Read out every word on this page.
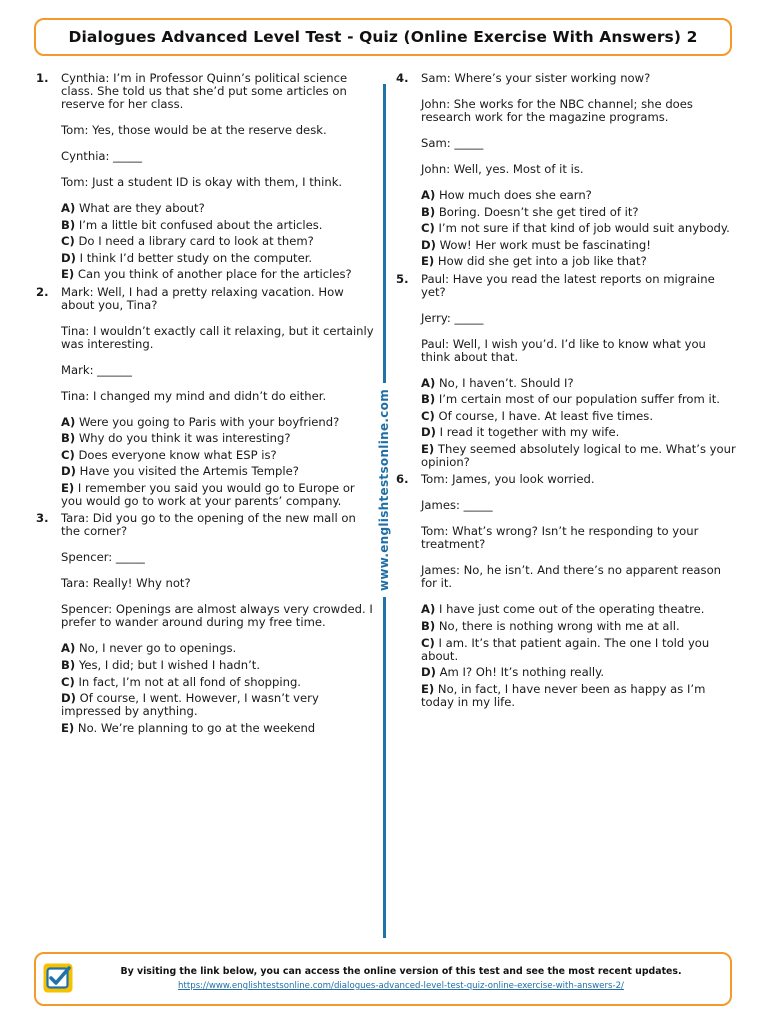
Dialogues Advanced Level Test - Quiz (Online Exercise With Answers) 2
1.	Cynthia: I’m in Professor Quinn’s political science class. She told us that she’d put some articles on reserve for her class.

Tom: Yes, those would be at the reserve desk.

Cynthia: _____

Tom: Just a student ID is okay with them, I think.

A) What are they about?
B) I’m a little bit confused about the articles.
C) Do I need a library card to look at them?
D) I think I’d better study on the computer.
E) Can you think of another place for the articles?
2.	Mark: Well, I had a pretty relaxing vacation. How about you, Tina?

Tina: I wouldn’t exactly call it relaxing, but it certainly was interesting.

Mark: ______

Tina: I changed my mind and didn’t do either.

A) Were you going to Paris with your boyfriend?
B) Why do you think it was interesting?
C) Does everyone know what ESP is?
D) Have you visited the Artemis Temple?
E) I remember you said you would go to Europe or you would go to work at your parents’ company.
3.	Tara: Did you go to the opening of the new mall on the corner?

Spencer: _____

Tara: Really! Why not?

Spencer: Openings are almost always very crowded. I prefer to wander around during my free time.

A) No, I never go to openings.
B) Yes, I did; but I wished I hadn’t.
C) In fact, I’m not at all fond of shopping.
D) Of course, I went. However, I wasn’t very impressed by anything.
E) No. We’re planning to go at the weekend
www.englishtestsonline.com
4.	Sam: Where’s your sister working now?

John: She works for the NBC channel; she does research work for the magazine programs.

Sam: _____

John: Well, yes. Most of it is.

A) How much does she earn?
B) Boring. Doesn’t she get tired of it?
C) I’m not sure if that kind of job would suit anybody.
D) Wow! Her work must be fascinating!
E) How did she get into a job like that?
5.	Paul: Have you read the latest reports on migraine yet?

Jerry: _____

Paul: Well, I wish you’d. I’d like to know what you think about that.

A) No, I haven’t. Should I?
B) I’m certain most of our population suffer from it.
C) Of course, I have. At least five times.
D) I read it together with my wife.
E) They seemed absolutely logical to me. What’s your opinion?
6.	Tom: James, you look worried.

James: _____

Tom: What’s wrong? Isn’t he responding to your treatment?

James: No, he isn’t. And there’s no apparent reason for it.

A) I have just come out of the operating theatre.
B) No, there is nothing wrong with me at all.
C) I am. It’s that patient again. The one I told you about.
D) Am I? Oh! It’s nothing really.
E) No, in fact, I have never been as happy as I’m today in my life.
By visiting the link below, you can access the online version of this test and see the most recent updates.
https://www.englishtestsonline.com/dialogues-advanced-level-test-quiz-online-exercise-with-answers-2/
